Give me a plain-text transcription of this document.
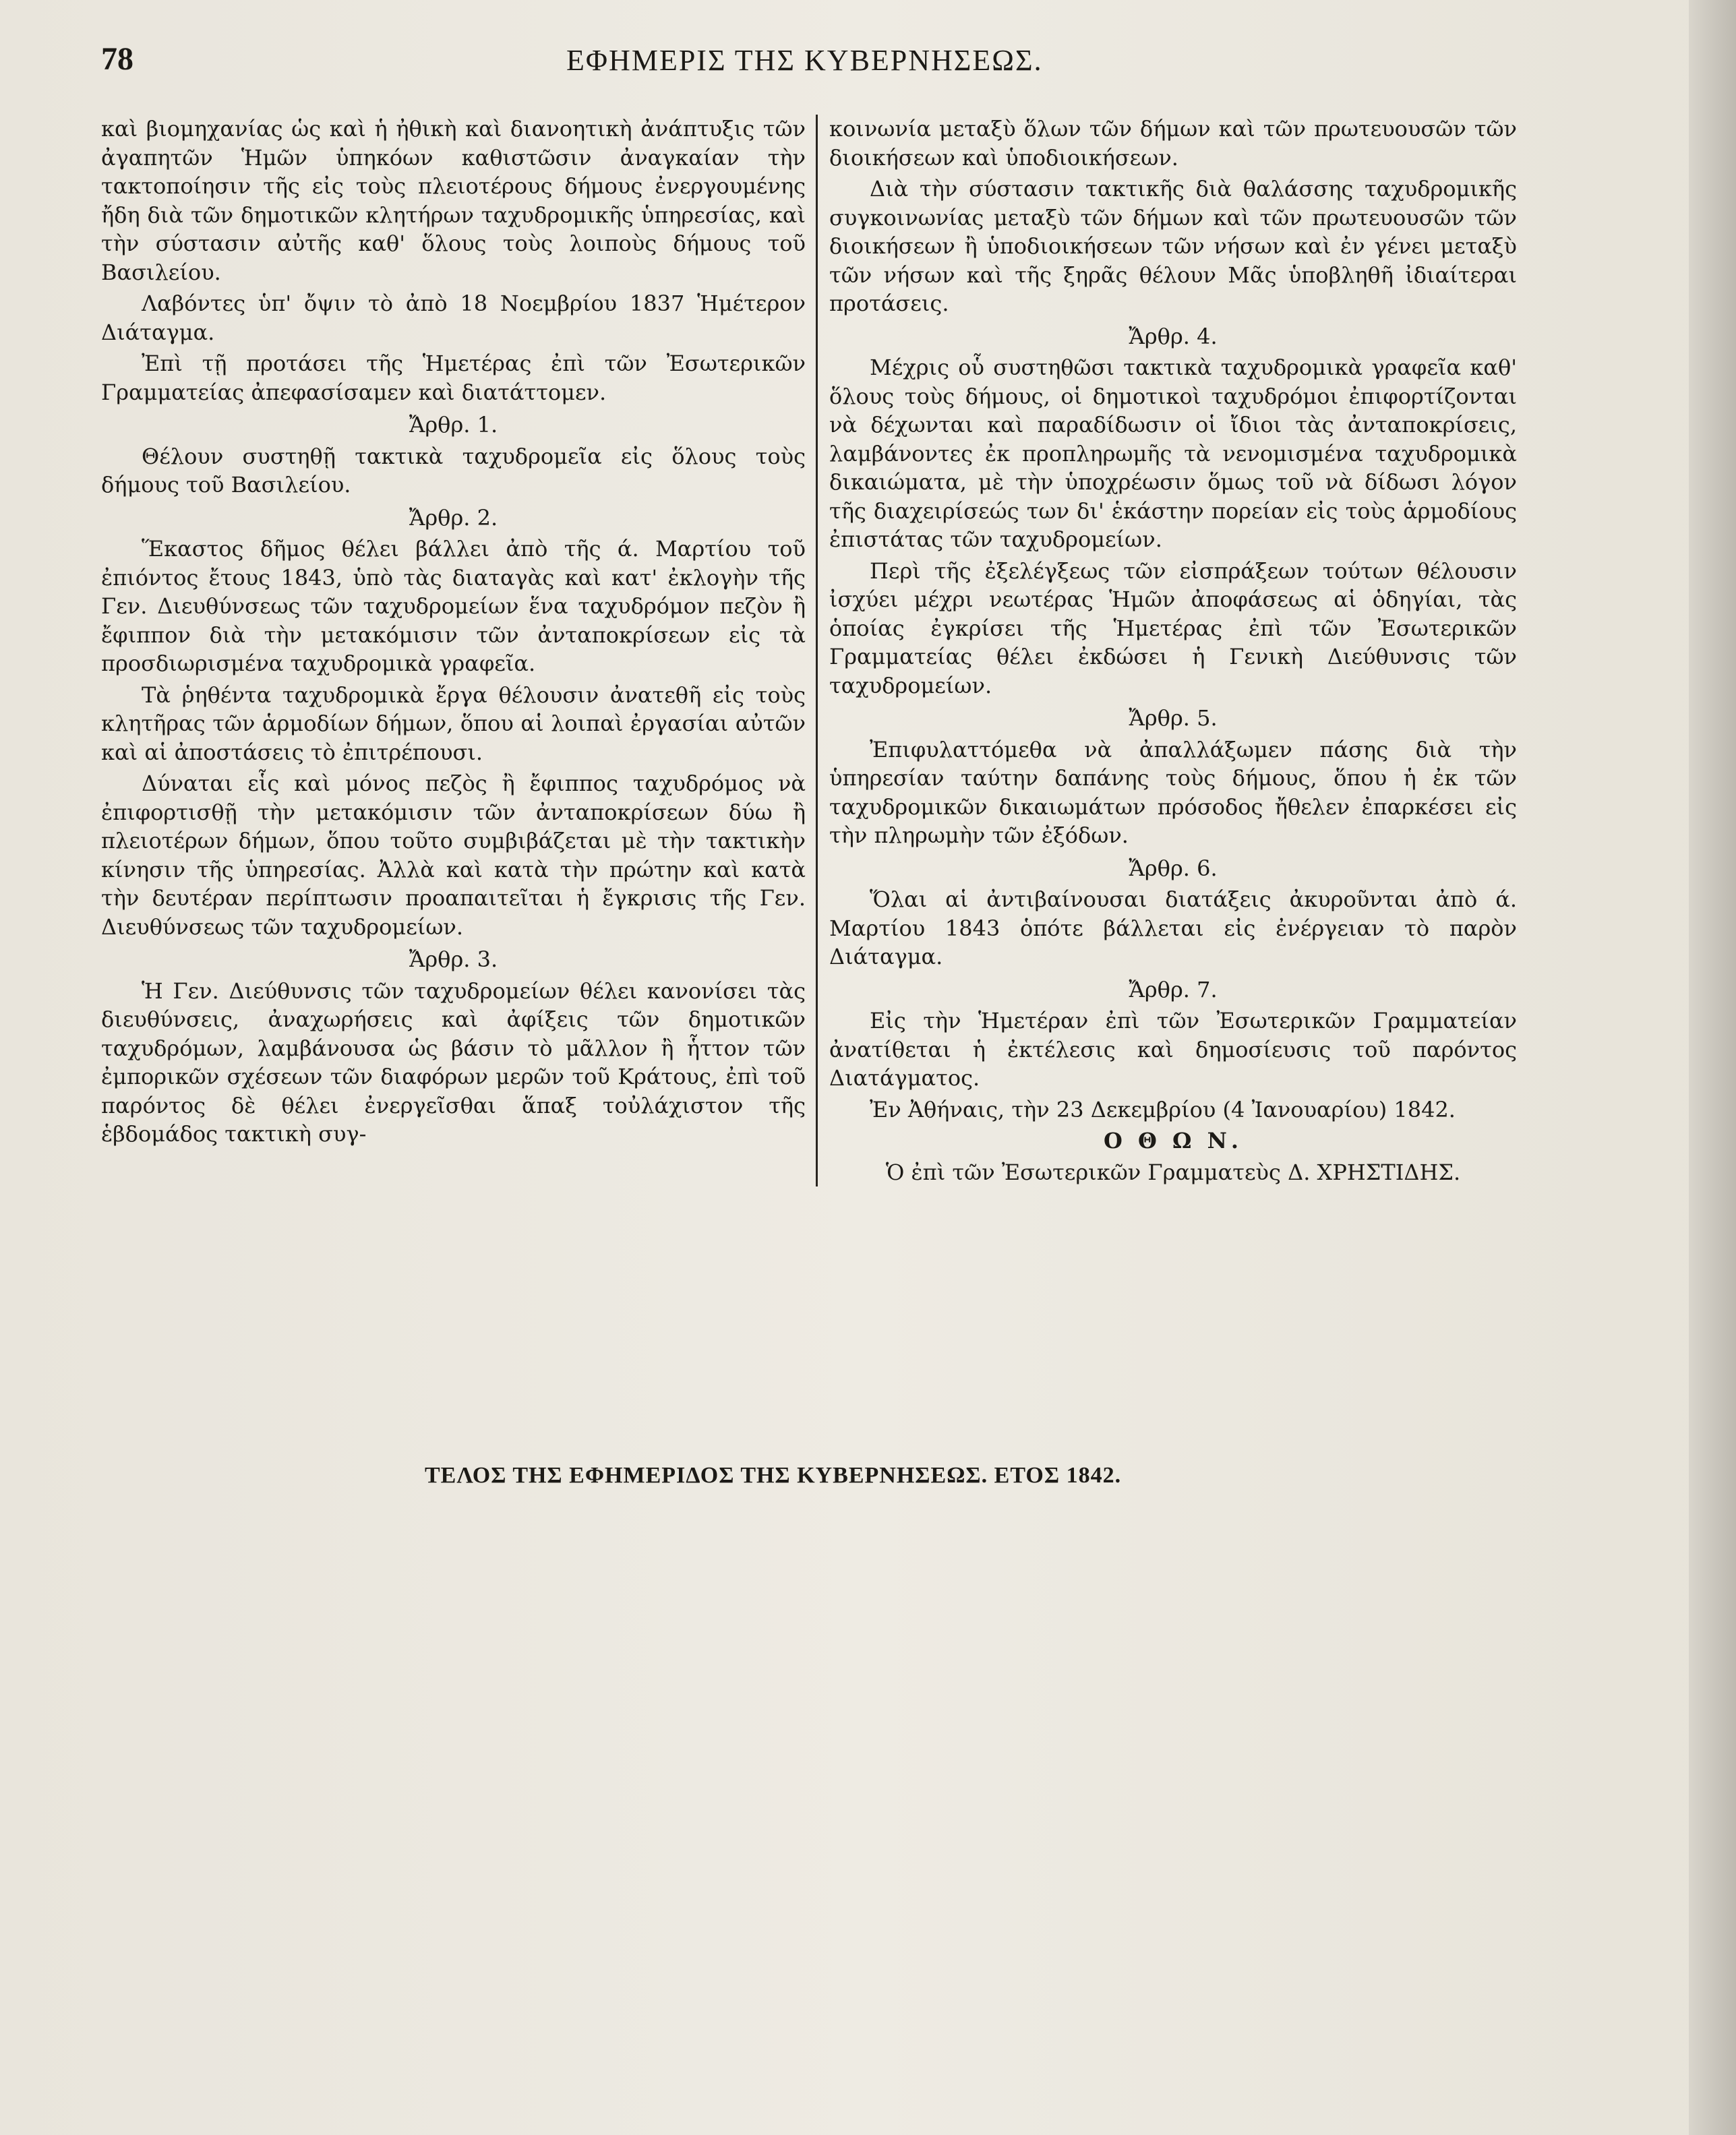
78	ΕΦΗΜΕΡΙΣ ΤΗΣ ΚΥΒΕΡΝΗΣΕΩΣ.

καὶ βιομηχανίας ὡς καὶ ἡ ἠθικὴ καὶ διανοητικὴ ἀνάπτυξις τῶν ἀγαπητῶν Ἡμῶν ὑπηκόων καθιστῶσιν ἀναγκαίαν τὴν τακτοποίησιν τῆς εἰς τοὺς πλειοτέρους δήμους ἐνεργουμένης ἤδη διὰ τῶν δημοτικῶν κλητήρων ταχυδρομικῆς ὑπηρεσίας, καὶ τὴν σύστασιν αὐτῆς καθ' ὅλους τοὺς λοιποὺς δήμους τοῦ Βασιλείου.

Λαβόντες ὑπ' ὄψιν τὸ ἀπὸ 18 Νοεμβρίου 1837 Ἡμέτερον Διάταγμα.

Ἐπὶ τῇ προτάσει τῆς Ἡμετέρας ἐπὶ τῶν Ἐσωτερικῶν Γραμματείας ἀπεφασίσαμεν καὶ διατάττομεν.

Ἄρθρ. 1.

Θέλουν συστηθῇ τακτικὰ ταχυδρομεῖα εἰς ὅλους τοὺς δήμους τοῦ Βασιλείου.

Ἄρθρ. 2.

Ἕκαστος δῆμος θέλει βάλλει ἀπὸ τῆς ά. Μαρτίου τοῦ ἐπιόντος ἔτους 1843, ὑπὸ τὰς διαταγὰς καὶ κατ' ἐκλογὴν τῆς Γεν. Διευθύνσεως τῶν ταχυδρομείων ἕνα ταχυδρόμον πεζὸν ἢ ἔφιππον διὰ τὴν μετακόμισιν τῶν ἀνταποκρίσεων εἰς τὰ προσδιωρισμένα ταχυδρομικὰ γραφεῖα.

Τὰ ῥηθέντα ταχυδρομικὰ ἔργα θέλουσιν ἀνατεθῆ εἰς τοὺς κλητῆρας τῶν ἁρμοδίων δήμων, ὅπου αἱ λοιπαὶ ἐργασίαι αὐτῶν καὶ αἱ ἀποστάσεις τὸ ἐπιτρέπουσι.

Δύναται εἷς καὶ μόνος πεζὸς ἢ ἔφιππος ταχυδρόμος νὰ ἐπιφορτισθῇ τὴν μετακόμισιν τῶν ἀνταποκρίσεων δύω ἢ πλειοτέρων δήμων, ὅπου τοῦτο συμβιβάζεται μὲ τὴν τακτικὴν κίνησιν τῆς ὑπηρεσίας. Ἀλλὰ καὶ κατὰ τὴν πρώτην καὶ κατὰ τὴν δευτέραν περίπτωσιν προαπαιτεῖται ἡ ἔγκρισις τῆς Γεν. Διευθύνσεως τῶν ταχυδρομείων.

Ἄρθρ. 3.

Ἡ Γεν. Διεύθυνσις τῶν ταχυδρομείων θέλει κανονίσει τὰς διευθύνσεις, ἀναχωρήσεις καὶ ἀφίξεις τῶν δημοτικῶν ταχυδρόμων, λαμβάνουσα ὡς βάσιν τὸ μᾶλλον ἢ ἧττον τῶν ἐμπορικῶν σχέσεων τῶν διαφόρων μερῶν τοῦ Κράτους, ἐπὶ τοῦ παρόντος δὲ θέλει ἐνεργεῖσθαι ἅπαξ τοὐλάχιστον τῆς ἑβδομάδος τακτικὴ συγ-

κοινωνία μεταξὺ ὅλων τῶν δήμων καὶ τῶν πρωτευουσῶν τῶν διοικήσεων καὶ ὑποδιοικήσεων.

Διὰ τὴν σύστασιν τακτικῆς διὰ θαλάσσης ταχυδρομικῆς συγκοινωνίας μεταξὺ τῶν δήμων καὶ τῶν πρωτευουσῶν τῶν διοικήσεων ἢ ὑποδιοικήσεων τῶν νήσων καὶ ἐν γένει μεταξὺ τῶν νήσων καὶ τῆς ξηρᾶς θέλουν Μᾶς ὑποβληθῆ ἰδιαίτεραι προτάσεις.

Ἄρθρ. 4.

Μέχρις οὗ συστηθῶσι τακτικὰ ταχυδρομικὰ γραφεῖα καθ' ὅλους τοὺς δήμους, οἱ δημοτικοὶ ταχυδρόμοι ἐπιφορτίζονται νὰ δέχωνται καὶ παραδίδωσιν οἱ ἴδιοι τὰς ἀνταποκρίσεις, λαμβάνοντες ἐκ προπληρωμῆς τὰ νενομισμένα ταχυδρομικὰ δικαιώματα, μὲ τὴν ὑποχρέωσιν ὅμως τοῦ νὰ δίδωσι λόγον τῆς διαχειρίσεώς των δι' ἑκάστην πορείαν εἰς τοὺς ἁρμοδίους ἐπιστάτας τῶν ταχυδρομείων.

Περὶ τῆς ἐξελέγξεως τῶν εἰσπράξεων τούτων θέλουσιν ἰσχύει μέχρι νεωτέρας Ἡμῶν ἀποφάσεως αἱ ὁδηγίαι, τὰς ὁποίας ἐγκρίσει τῆς Ἡμετέρας ἐπὶ τῶν Ἐσωτερικῶν Γραμματείας θέλει ἐκδώσει ἡ Γενικὴ Διεύθυνσις τῶν ταχυδρομείων.

Ἄρθρ. 5.

Ἐπιφυλαττόμεθα νὰ ἀπαλλάξωμεν πάσης διὰ τὴν ὑπηρεσίαν ταύτην δαπάνης τοὺς δήμους, ὅπου ἡ ἐκ τῶν ταχυδρομικῶν δικαιωμάτων πρόσοδος ἤθελεν ἐπαρκέσει εἰς τὴν πληρωμὴν τῶν ἐξόδων.

Ἄρθρ. 6.

Ὅλαι αἱ ἀντιβαίνουσαι διατάξεις ἀκυροῦνται ἀπὸ ά. Μαρτίου 1843 ὁπότε βάλλεται εἰς ἐνέργειαν τὸ παρὸν Διάταγμα.

Ἄρθρ. 7.

Εἰς τὴν Ἡμετέραν ἐπὶ τῶν Ἐσωτερικῶν Γραμματείαν ἀνατίθεται ἡ ἐκτέλεσις καὶ δημοσίευσις τοῦ παρόντος Διατάγματος.

Ἐν Ἀθήναις, τὴν 23 Δεκεμβρίου (4 Ἰανουαρίου) 1842.

Ο Θ Ω Ν.

Ὁ ἐπὶ τῶν Ἐσωτερικῶν Γραμματεὺς Δ. ΧΡΗΣΤΙΔΗΣ.

ΤΕΛΟΣ ΤΗΣ ΕΦΗΜΕΡΙΔΟΣ ΤΗΣ ΚΥΒΕΡΝΗΣΕΩΣ. ΕΤΟΣ 1842.
